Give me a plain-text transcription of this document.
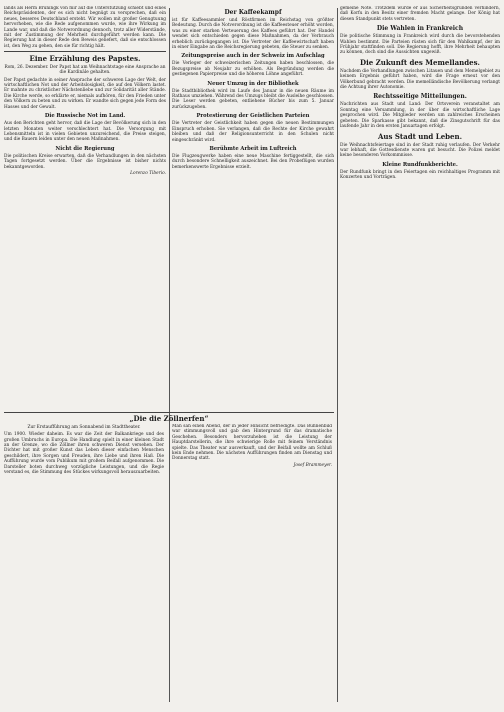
lands als Herm Brüningk von mir auf die Unterstützung schiebt und eines Reichspräsidenten, der es sich nicht begnügt zu versprechen, daß ein neues, besseres Deutschland ersteht. Wir wollen mit großer Genugtuung hervorheben, wie die Rede aufgenommen wurde, wie ihre Wirkung im Lande war, und daß die Notverordnung dennoch, trotz aller Widerstände, mit der Zustimmung der Mehrheit durchgeführt werden kann. Die Regierung hat in dieser Rede den Beweis geliefert, daß sie entschlossen ist, den Weg zu gehen, den sie für richtig hält.

Eine Erzählung des Papstes.

Rom, 26. Dezember. Der Papst hat am Weihnachtstage eine Ansprache an die Kardinäle gehalten.

Der Papst gedachte in seiner Ansprache der schweren Lage der Welt, der wirtschaftlichen Not und der Arbeitslosigkeit, die auf den Völkern lastet. Er mahnte zu christlicher Nächstenliebe und zur Solidarität aller Stände. Die Kirche werde, so erklärte er, niemals aufhören, für den Frieden unter den Völkern zu beten und zu wirken. Er wandte sich gegen jede Form des Hasses und der Gewalt.

Die Russische Not im Land.

Aus den Berichten geht hervor, daß die Lage der Bevölkerung sich in den letzten Monaten weiter verschlechtert hat. Die Versorgung mit Lebensmitteln ist in vielen Gebieten unzureichend, die Preise steigen, und die Bauern leiden unter den neuen Maßnahmen.

Nicht die Regierung

Die politischen Kreise erwarten, daß die Verhandlungen in den nächsten Tagen fortgesetzt werden. Über die Ergebnisse ist bisher nichts bekanntgeworden.

Lorenzo Tiberio.
Der Kaffeekampf

ist für Kaffeesammler und Röstfirmen im Reichstag von größter Bedeutung. Durch die Notverordnung ist die Kaffeesteuer erhöht worden, was zu einer starken Verteuerung des Kaffees geführt hat. Der Handel wendet sich entschieden gegen diese Maßnahmen, da der Verbrauch erheblich zurückgegangen ist. Die Vertreter der Kaffeewirtschaft haben in einer Eingabe an die Reichsregierung gebeten, die Steuer zu senken.

Zeitungspreise auch in der Schweiz im Aufschlag

Die Verleger der schweizerischen Zeitungen haben beschlossen, die Bezugspreise ab Neujahr zu erhöhen. Als Begründung werden die gestiegenen Papierpreise und die höheren Löhne angeführt.

Neuer Umzug in der Bibliothek

Die Stadtbibliothek wird im Laufe des Januar in die neuen Räume im Rathaus umziehen. Während des Umzugs bleibt die Ausleihe geschlossen. Die Leser werden gebeten, entliehene Bücher bis zum 5. Januar zurückzugeben.

Protestierung der Geistlichen Parteien

Die Vertreter der Geistlichkeit haben gegen die neuen Bestimmungen Einspruch erhoben. Sie verlangen, daß die Rechte der Kirche gewahrt bleiben und daß der Religionsunterricht in den Schulen nicht eingeschränkt wird.

Berühmte Arbeit im Luftreich

Die Flugzeugwerke haben eine neue Maschine fertiggestellt, die sich durch besondere Schnelligkeit auszeichnet. Bei den Probeflügen wurden bemerkenswerte Ergebnisse erzielt.

gemeine Note. Trotzdem würde er aus Sicherheitsgründen verhindern, daß Korfu in den Besitz einer fremden Macht gelange. Der König hat diesen Standpunkt stets vertreten.

Die Wahlen in Frankreich

Die politische Stimmung in Frankreich wird durch die bevorstehenden Wahlen bestimmt. Die Parteien rüsten sich für den Wahlkampf, der im Frühjahr stattfinden soll. Die Regierung hofft, ihre Mehrheit behaupten zu können, doch sind die Aussichten ungewiß.

Die Zukunft des Memellandes.

Nachdem die Verhandlungen zwischen Litauen und dem Memelgebiet zu keinem Ergebnis geführt haben, wird die Frage erneut vor den Völkerbund gebracht werden. Die memelländische Bevölkerung verlangt die Achtung ihrer Autonomie.

Rechtsseitige Mitteilungen.

Nachrichten aus Stadt und Land: Der Ortsverein veranstaltet am Sonntag eine Versammlung, in der über die wirtschaftliche Lage gesprochen wird. Die Mitglieder werden um zahlreiches Erscheinen gebeten. Die Sparkasse gibt bekannt, daß die Zinsgutschrift für das laufende Jahr in den ersten Januartagen erfolgt.

Aus Stadt und Leben.

Die Weihnachtsfeiertage sind in der Stadt ruhig verlaufen. Der Verkehr war lebhaft, die Gottesdienste waren gut besucht. Die Polizei meldet keine besonderen Vorkommnisse.

Kleine Rundfunkberichte.

Der Rundfunk bringt in den Feiertagen ein reichhaltiges Programm mit Konzerten und Vorträgen.

„Die die Zöllnerfen“

Zur Erstaufführung am Sonnabend im Stadttheater.

Um 1900. Wieder daheim. Es war die Zeit der Balkankriege und des großen Umbruchs in Europa. Die Handlung spielt in einer kleinen Stadt an der Grenze, wo die Zöllner ihren schweren Dienst versehen. Der Dichter hat mit großer Kunst das Leben dieser einfachen Menschen geschildert, ihre Sorgen und Freuden, ihre Liebe und ihren Haß. Die Aufführung wurde vom Publikum mit großem Beifall aufgenommen. Die Darsteller boten durchweg vorzügliche Leistungen, und die Regie verstand es, die Stimmung des Stückes wirkungsvoll herauszuarbeiten.

Man sah einen Abend, der in jeder Hinsicht befriedigte. Das Bühnenbild war stimmungsvoll und gab den Hintergrund für das dramatische Geschehen. Besonders hervorzuheben ist die Leistung der Hauptdarstellerin, die ihre schwierige Rolle mit feinem Verständnis spielte. Das Theater war ausverkauft, und der Beifall wollte am Schluß kein Ende nehmen. Die nächsten Aufführungen finden am Dienstag und Donnerstag statt.

Josef Brammeyer.
